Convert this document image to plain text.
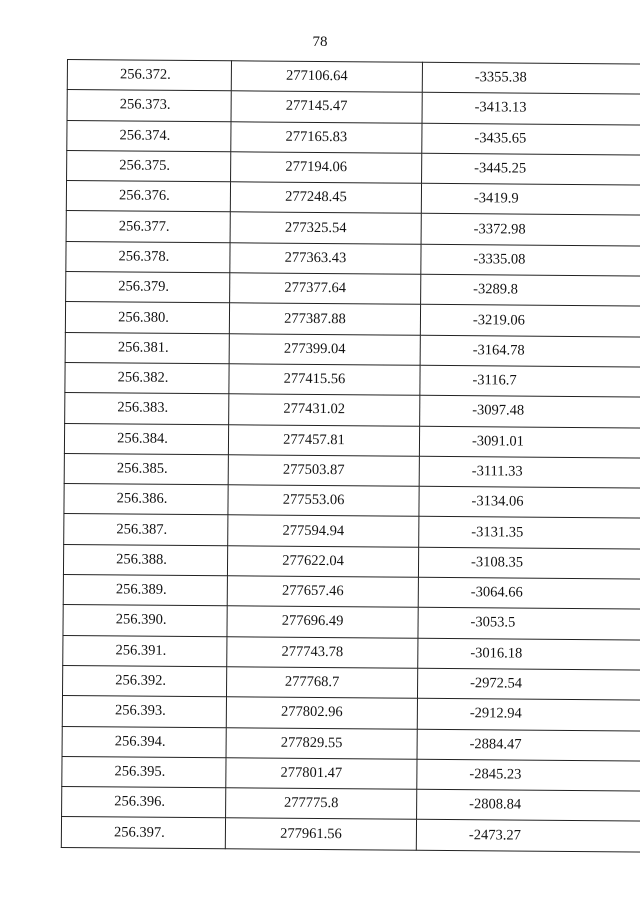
78
256.372.	277106.64	-3355.38
256.373.	277145.47	-3413.13
256.374.	277165.83	-3435.65
256.375.	277194.06	-3445.25
256.376.	277248.45	-3419.9
256.377.	277325.54	-3372.98
256.378.	277363.43	-3335.08
256.379.	277377.64	-3289.8
256.380.	277387.88	-3219.06
256.381.	277399.04	-3164.78
256.382.	277415.56	-3116.7
256.383.	277431.02	-3097.48
256.384.	277457.81	-3091.01
256.385.	277503.87	-3111.33
256.386.	277553.06	-3134.06
256.387.	277594.94	-3131.35
256.388.	277622.04	-3108.35
256.389.	277657.46	-3064.66
256.390.	277696.49	-3053.5
256.391.	277743.78	-3016.18
256.392.	277768.7	-2972.54
256.393.	277802.96	-2912.94
256.394.	277829.55	-2884.47
256.395.	277801.47	-2845.23
256.396.	277775.8	-2808.84
256.397.	277961.56	-2473.27
